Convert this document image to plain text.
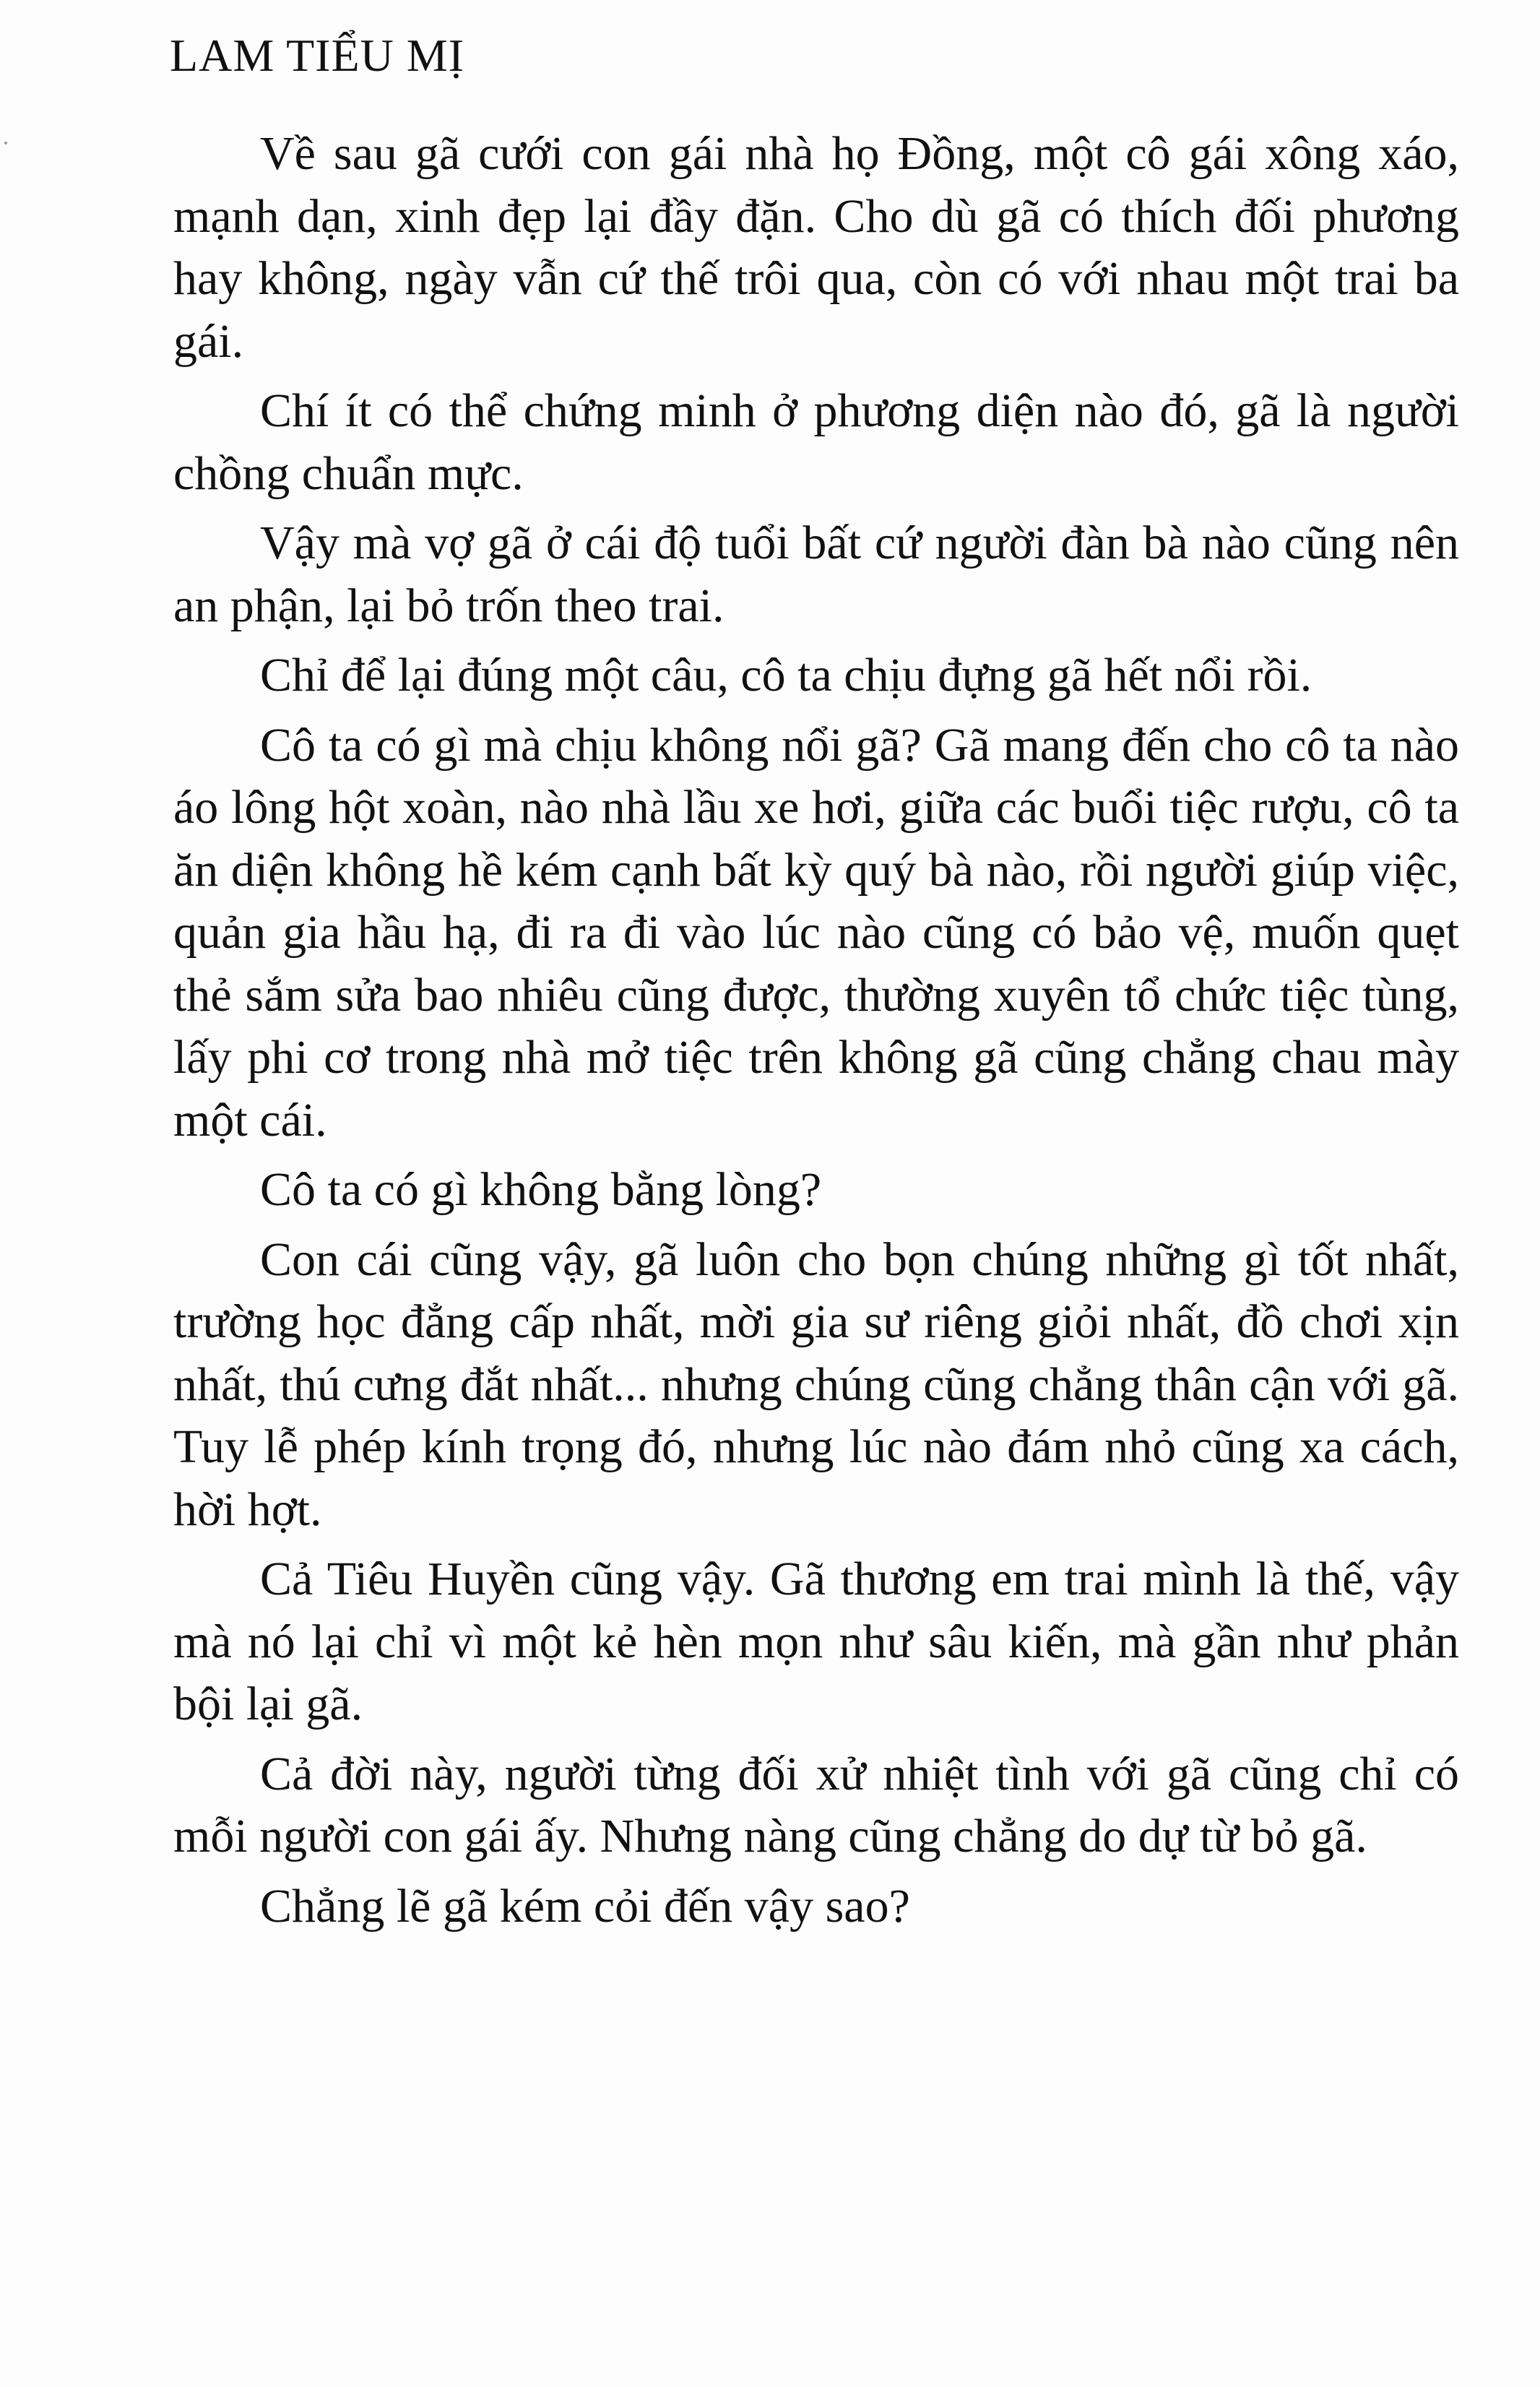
LAM TIỂU MỊ

Về sau gã cưới con gái nhà họ Đồng, một cô gái xông xáo, mạnh dạn, xinh đẹp lại đầy đặn. Cho dù gã có thích đối phương hay không, ngày vẫn cứ thế trôi qua, còn có với nhau một trai ba gái.

Chí ít có thể chứng minh ở phương diện nào đó, gã là người chồng chuẩn mực.

Vậy mà vợ gã ở cái độ tuổi bất cứ người đàn bà nào cũng nên an phận, lại bỏ trốn theo trai.

Chỉ để lại đúng một câu, cô ta chịu đựng gã hết nổi rồi.

Cô ta có gì mà chịu không nổi gã? Gã mang đến cho cô ta nào áo lông hột xoàn, nào nhà lầu xe hơi, giữa các buổi tiệc rượu, cô ta ăn diện không hề kém cạnh bất kỳ quý bà nào, rồi người giúp việc, quản gia hầu hạ, đi ra đi vào lúc nào cũng có bảo vệ, muốn quẹt thẻ sắm sửa bao nhiêu cũng được, thường xuyên tổ chức tiệc tùng, lấy phi cơ trong nhà mở tiệc trên không gã cũng chẳng chau mày một cái.

Cô ta có gì không bằng lòng?

Con cái cũng vậy, gã luôn cho bọn chúng những gì tốt nhất, trường học đẳng cấp nhất, mời gia sư riêng giỏi nhất, đồ chơi xịn nhất, thú cưng đắt nhất... nhưng chúng cũng chẳng thân cận với gã. Tuy lễ phép kính trọng đó, nhưng lúc nào đám nhỏ cũng xa cách, hời hợt.

Cả Tiêu Huyền cũng vậy. Gã thương em trai mình là thế, vậy mà nó lại chỉ vì một kẻ hèn mọn như sâu kiến, mà gần như phản bội lại gã.

Cả đời này, người từng đối xử nhiệt tình với gã cũng chỉ có mỗi người con gái ấy. Nhưng nàng cũng chẳng do dự từ bỏ gã.

Chẳng lẽ gã kém cỏi đến vậy sao?
